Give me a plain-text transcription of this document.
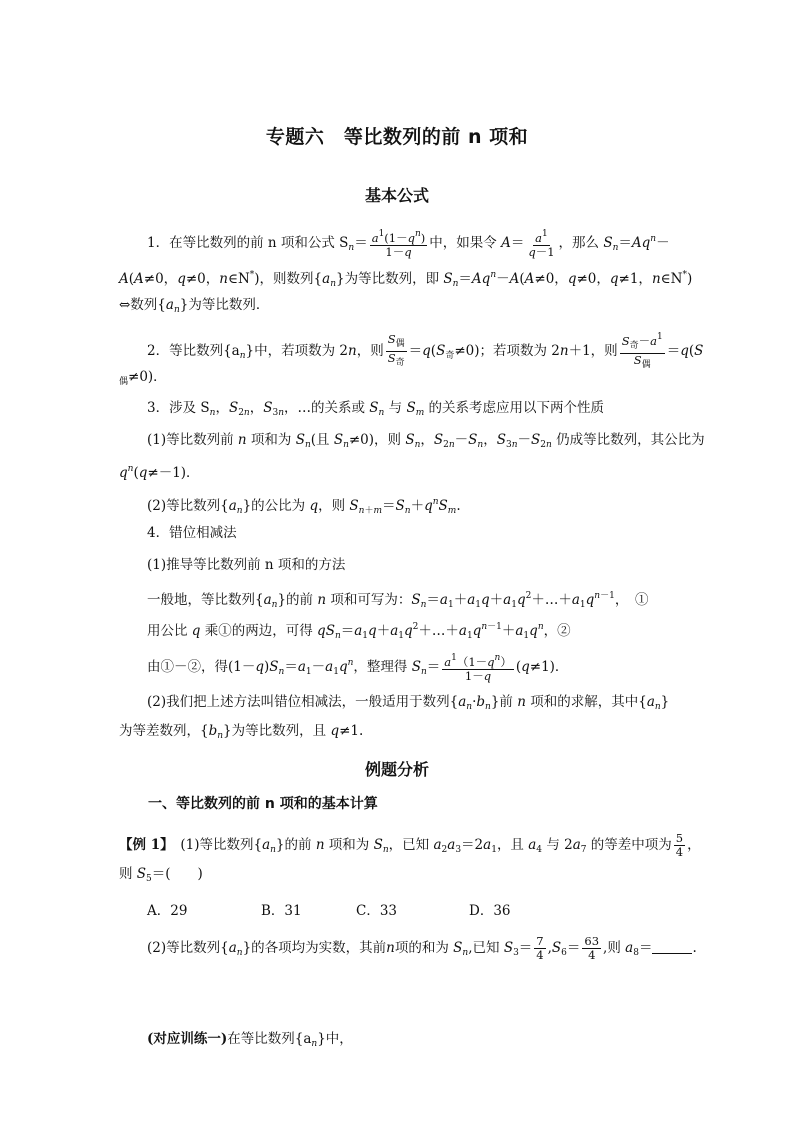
专题六　等比数列的前 n 项和
基本公式
1．在等比数列的前 n 项和公式 $S_n= \frac{a^1(1-q^n)}{1-q}$ 中，如果令 $A= \frac{a^1}{q-1}$ ，那么 $S_n=Aq^n-$
A(A≠0，q≠0，n∈N*)，则数列$\{a_n\}$为等比数列，即 $S_n=Aq^n-A(A\ne 0$，q≠0，q≠1，n∈N*)
⇔数列$\{a_n\}$为等比数列．
2．等比数列$\{a_n\}$中，若项数为 2n，则 $\frac{S_偶}{S_奇} =q(S_奇\ne 0)$；若项数为 2n＋1，则 $\frac{S_奇-a^1}{S_偶} =q(S$
$_偶$≠0)．
3．涉及 $S_n$，$S_{2n}$，$S_{3n}$，…的关系或 $S_n$ 与 $S_m$ 的关系考虑应用以下两个性质
(1)等比数列前 n 项和为 $S_n$(且 $S_n\ne 0$)，则 $S_n$，$S_{2n}-S_n$，$S_{3n}-S_{2n}$ 仍成等比数列，其公比为
$q^n(q\ne-1)$．
(2)等比数列$\{a_n\}$的公比为 q，则 $S_{n+m}=S_n+q^nS_m$.
4．错位相减法
(1)推导等比数列前 n 项和的方法
一般地，等比数列$\{a_n\}$的前 n 项和可写为：$S_n=a_1+a_1q+a_1q^2+\dots+a_1q^{n-1}$，　①
用公比 q 乘①的两边，可得 $qS_n=a_1q+a_1q^2+\dots+a_1q^{n-1}+a_1q^n$，②
由①－②，得$(1-q)S_n=a_1-a_1q^n$，整理得 $S_n= \frac{a^1(1-q^n)}{1-q} (q\ne 1)$．
(2)我们把上述方法叫错位相减法，一般适用于数列$\{a_n\cdot b_n\}$前 n 项和的求解，其中$\{a_n\}$
为等差数列，$\{b_n\}$为等比数列，且 q≠1.
例题分析
一、等比数列的前 n 项和的基本计算
【例 1】　(1)等比数列$\{a_n\}$的前 n 项和为 $S_n$，已知 $a_2a_3=2a_1$，且 $a_4$ 与 $2a_7$ 的等差中项为 $\frac{5}{4}$ ，
则 $S_5=$(　　)
A．29	B．31	C．33	D．36
(2)等比数列$\{a_n\}$的各项均为实数，其前n项的和为 $S_n$,已知 $S_3= \frac{7}{4} ,S_6= \frac{63}{4}$ ,则 $a_8=$	.
(对应训练一)在等比数列$\{a_n\}$中，
